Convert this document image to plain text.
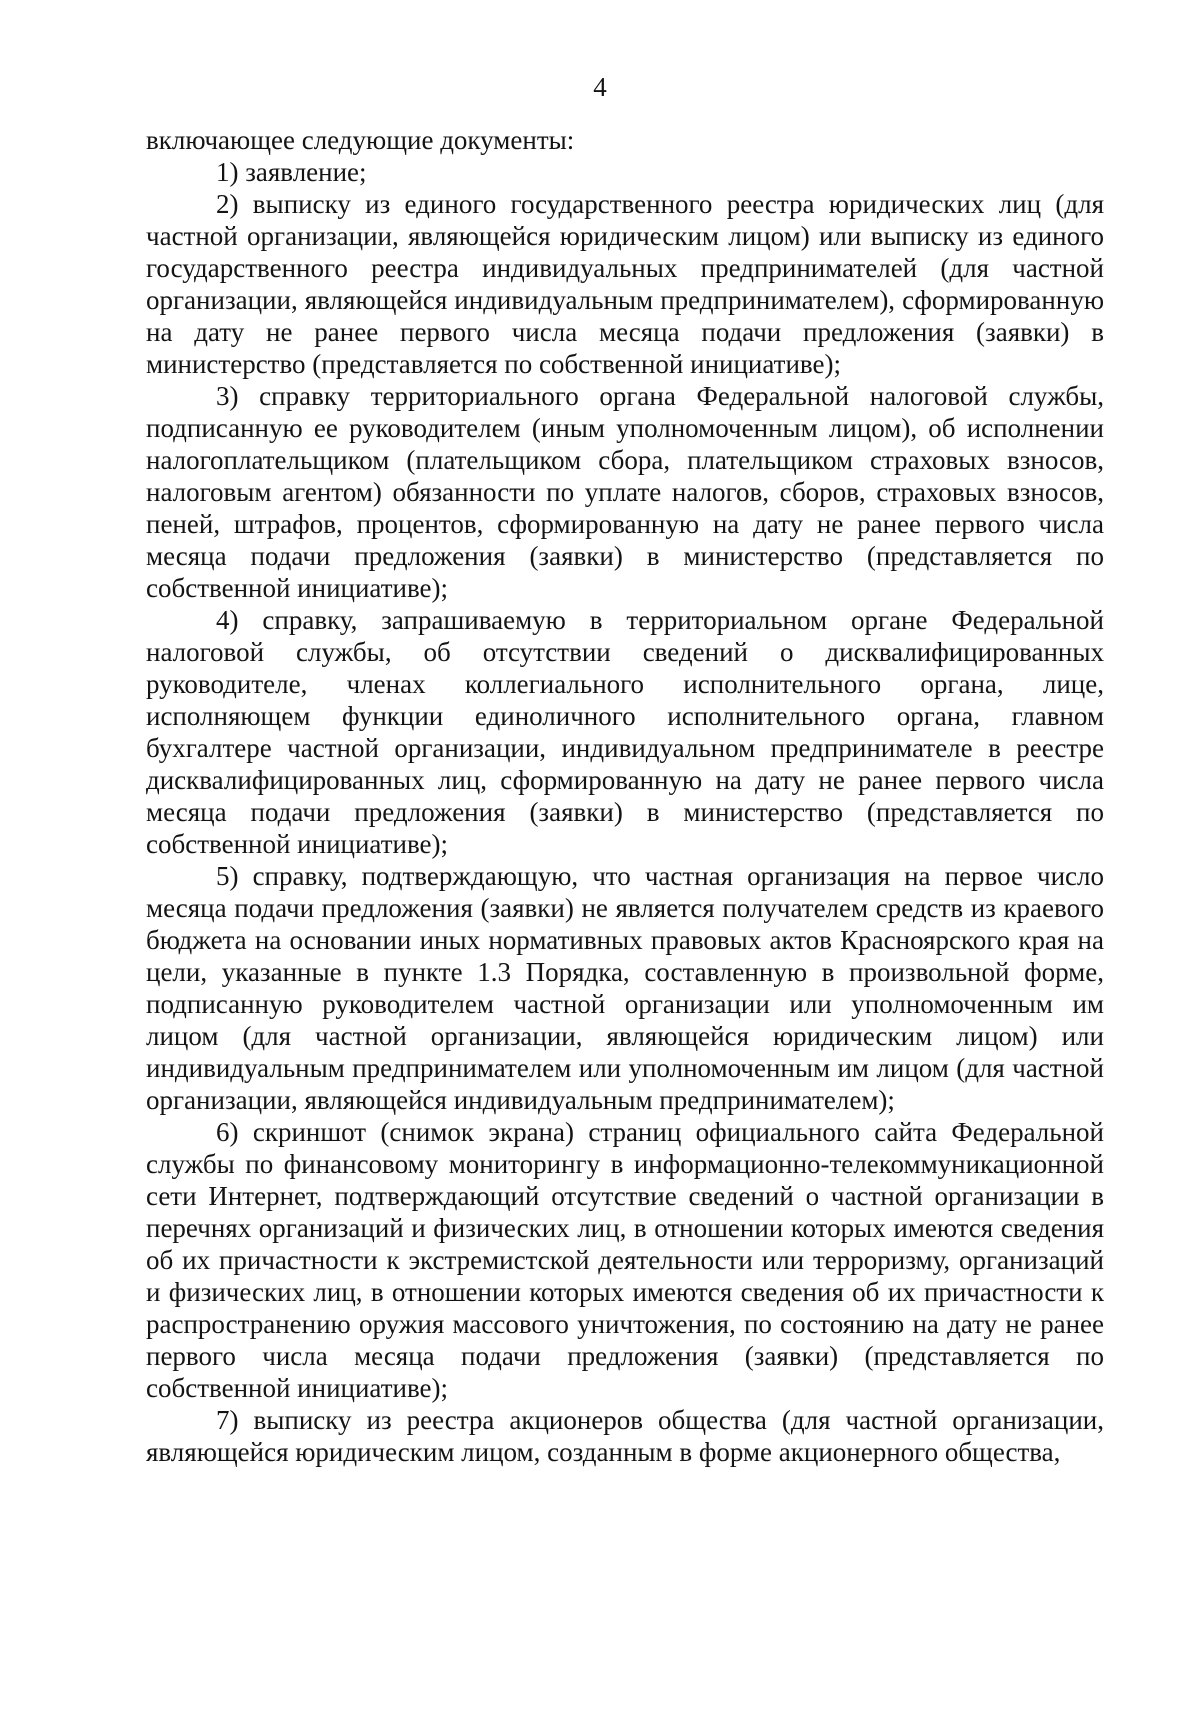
4

включающее следующие документы:

1) заявление;

2) выписку из единого государственного реестра юридических лиц (для частной организации, являющейся юридическим лицом) или выписку из единого государственного реестра индивидуальных предпринимателей (для частной организации, являющейся индивидуальным предпринимателем), сформированную на дату не ранее первого числа месяца подачи предложения (заявки) в министерство (представляется по собственной инициативе);

3) справку территориального органа Федеральной налоговой службы, подписанную ее руководителем (иным уполномоченным лицом), об исполнении налогоплательщиком (плательщиком сбора, плательщиком страховых взносов, налоговым агентом) обязанности по уплате налогов, сборов, страховых взносов, пеней, штрафов, процентов, сформированную на дату не ранее первого числа месяца подачи предложения (заявки) в министерство (представляется по собственной инициативе);

4) справку, запрашиваемую в территориальном органе Федеральной налоговой службы, об отсутствии сведений о дисквалифицированных руководителе, членах коллегиального исполнительного органа, лице, исполняющем функции единоличного исполнительного органа, главном бухгалтере частной организации, индивидуальном предпринимателе в реестре дисквалифицированных лиц, сформированную на дату не ранее первого числа месяца подачи предложения (заявки) в министерство (представляется по собственной инициативе);

5) справку, подтверждающую, что частная организация на первое число месяца подачи предложения (заявки) не является получателем средств из краевого бюджета на основании иных нормативных правовых актов Красноярского края на цели, указанные в пункте 1.3 Порядка, составленную в произвольной форме, подписанную руководителем частной организации или уполномоченным им лицом (для частной организации, являющейся юридическим лицом) или индивидуальным предпринимателем или уполномоченным им лицом (для частной организации, являющейся индивидуальным предпринимателем);

6) скриншот (снимок экрана) страниц официального сайта Федеральной службы по финансовому мониторингу в информационно-телекоммуникационной сети Интернет, подтверждающий отсутствие сведений о частной организации в перечнях организаций и физических лиц, в отношении которых имеются сведения об их причастности к экстремистской деятельности или терроризму, организаций и физических лиц, в отношении которых имеются сведения об их причастности к распространению оружия массового уничтожения, по состоянию на дату не ранее первого числа месяца подачи предложения (заявки) (представляется по собственной инициативе);

7) выписку из реестра акционеров общества (для частной организации, являющейся юридическим лицом, созданным в форме акционерного общества,
